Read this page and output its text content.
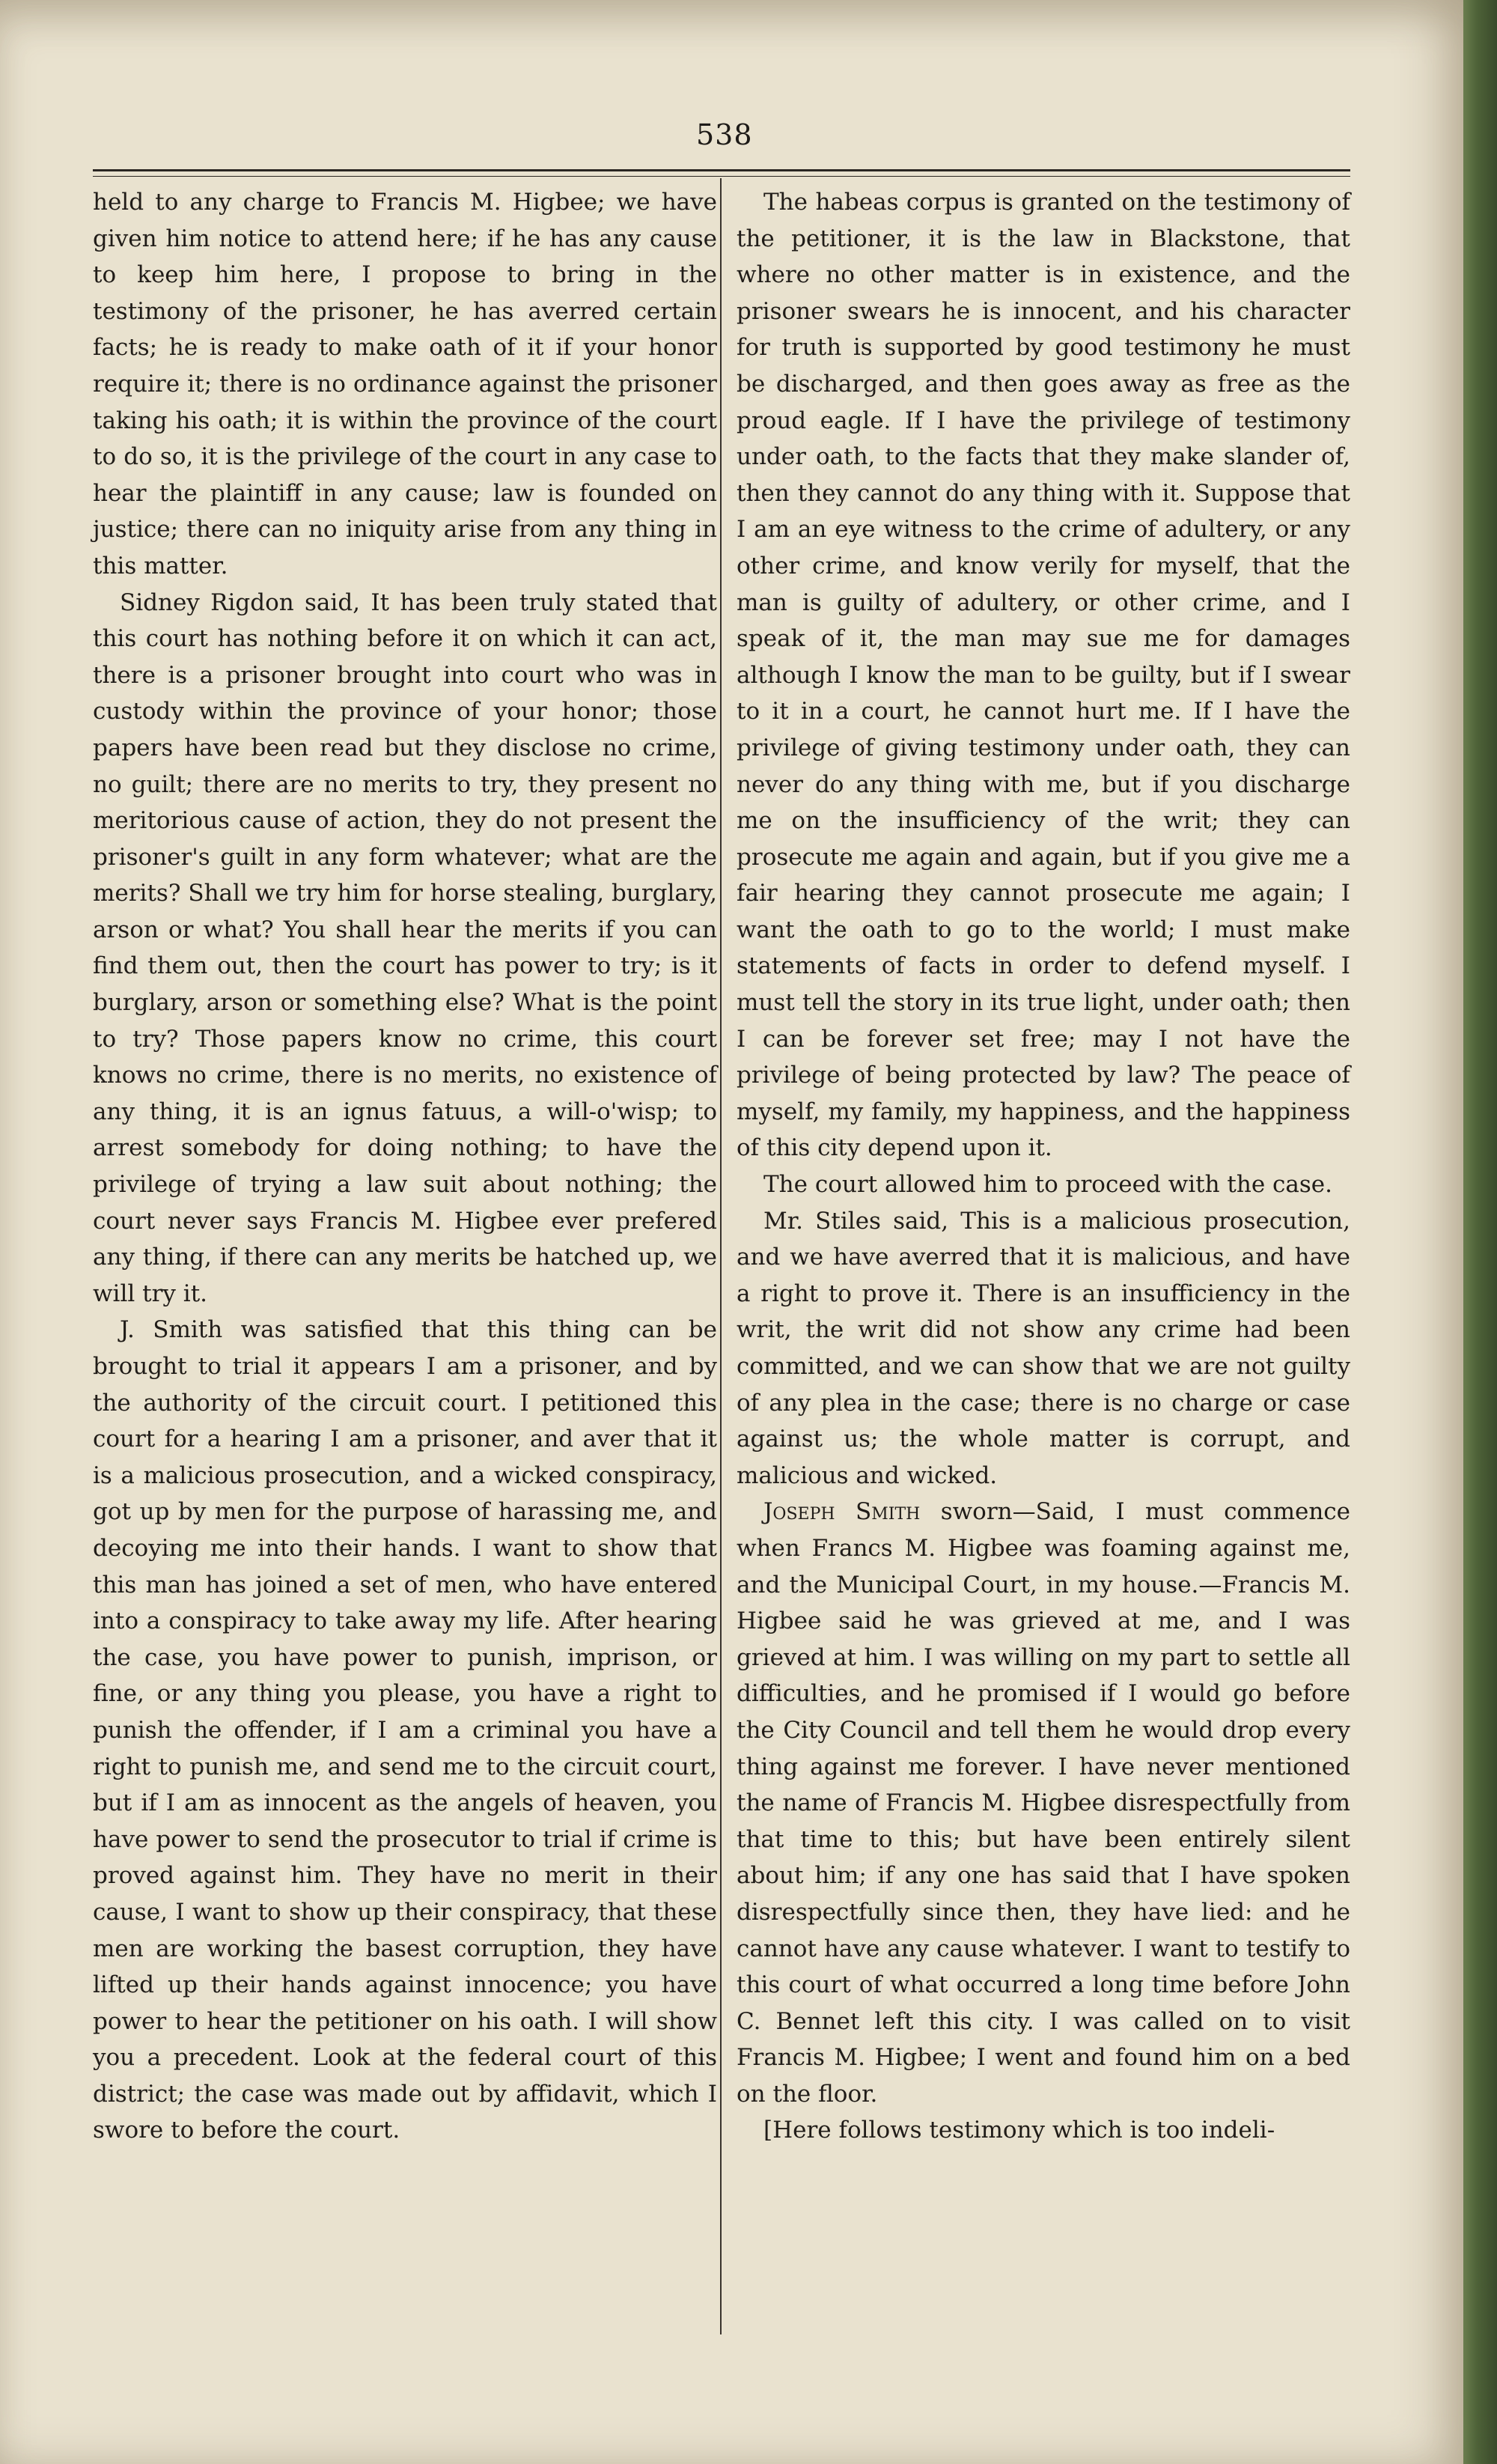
538

held to any charge to Francis M. Higbee; we have given him notice to attend here; if he has any cause to keep him here, I propose to bring in the testimony of the prisoner, he has averred certain facts; he is ready to make oath of it if your honor require it; there is no ordinance against the prisoner taking his oath; it is within the province of the court to do so, it is the privilege of the court in any case to hear the plaintiff in any cause; law is founded on justice; there can no iniquity arise from any thing in this matter.

Sidney Rigdon said, It has been truly stated that this court has nothing before it on which it can act, there is a prisoner brought into court who was in custody within the province of your honor; those papers have been read but they disclose no crime, no guilt; there are no merits to try, they present no meritorious cause of action, they do not present the prisoner's guilt in any form whatever; what are the merits? Shall we try him for horse stealing, burglary, arson or what? You shall hear the merits if you can find them out, then the court has power to try; is it burglary, arson or something else? What is the point to try? Those papers know no crime, this court knows no crime, there is no merits, no existence of any thing, it is an ignus fatuus, a will-o'wisp; to arrest somebody for doing nothing; to have the privilege of trying a law suit about nothing; the court never says Francis M. Higbee ever prefered any thing, if there can any merits be hatched up, we will try it.

J. Smith was satisfied that this thing can be brought to trial it appears I am a prisoner, and by the authority of the circuit court. I petitioned this court for a hearing I am a prisoner, and aver that it is a malicious prosecution, and a wicked conspiracy, got up by men for the purpose of harassing me, and decoying me into their hands. I want to show that this man has joined a set of men, who have entered into a conspiracy to take away my life. After hearing the case, you have power to punish, imprison, or fine, or any thing you please, you have a right to punish the offender, if I am a criminal you have a right to punish me, and send me to the circuit court, but if I am as innocent as the angels of heaven, you have power to send the prosecutor to trial if crime is proved against him. They have no merit in their cause, I want to show up their conspiracy, that these men are working the basest corruption, they have lifted up their hands against innocence; you have power to hear the petitioner on his oath. I will show you a precedent. Look at the federal court of this district; the case was made out by affidavit, which I swore to before the court.

The habeas corpus is granted on the testimony of the petitioner, it is the law in Blackstone, that where no other matter is in existence, and the prisoner swears he is innocent, and his character for truth is supported by good testimony he must be discharged, and then goes away as free as the proud eagle. If I have the privilege of testimony under oath, to the facts that they make slander of, then they cannot do any thing with it. Suppose that I am an eye witness to the crime of adultery, or any other crime, and know verily for myself, that the man is guilty of adultery, or other crime, and I speak of it, the man may sue me for damages although I know the man to be guilty, but if I swear to it in a court, he cannot hurt me. If I have the privilege of giving testimony under oath, they can never do any thing with me, but if you discharge me on the insufficiency of the writ; they can prosecute me again and again, but if you give me a fair hearing they cannot prosecute me again; I want the oath to go to the world; I must make statements of facts in order to defend myself. I must tell the story in its true light, under oath; then I can be forever set free; may I not have the privilege of being protected by law? The peace of myself, my family, my happiness, and the happiness of this city depend upon it.

The court allowed him to proceed with the case.

Mr. Stiles said, This is a malicious prosecution, and we have averred that it is malicious, and have a right to prove it. There is an insufficiency in the writ, the writ did not show any crime had been committed, and we can show that we are not guilty of any plea in the case; there is no charge or case against us; the whole matter is corrupt, and malicious and wicked.

Joseph Smith sworn—Said, I must commence when Francs M. Higbee was foaming against me, and the Municipal Court, in my house.—Francis M. Higbee said he was grieved at me, and I was grieved at him. I was willing on my part to settle all difficulties, and he promised if I would go before the City Council and tell them he would drop every thing against me forever. I have never mentioned the name of Francis M. Higbee disrespectfully from that time to this; but have been entirely silent about him; if any one has said that I have spoken disrespectfully since then, they have lied: and he cannot have any cause whatever. I want to testify to this court of what occurred a long time before John C. Bennet left this city. I was called on to visit Francis M. Higbee; I went and found him on a bed on the floor.

[Here follows testimony which is too indeli-
